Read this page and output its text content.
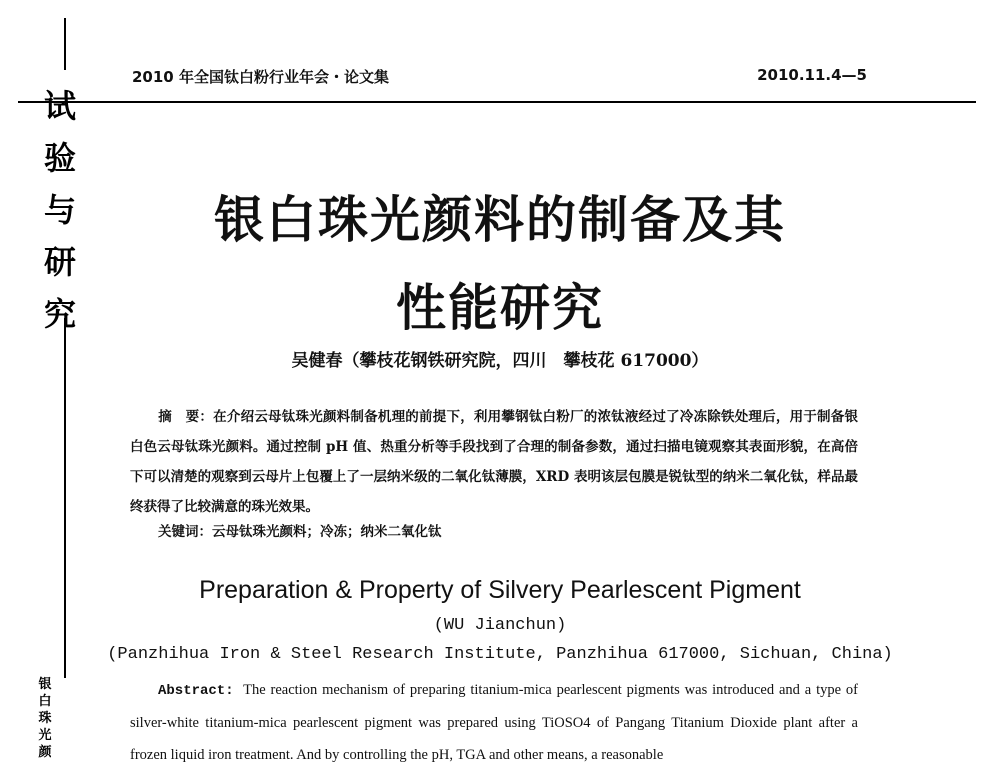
试
验
与
研
究
银
白
珠
光
颜
2010 年全国钛白粉行业年会・论文集	2010.11.4—5
银白珠光颜料的制备及其
性能研究
吴健春（攀枝花钢铁研究院，四川　攀枝花 617000）
摘　要：在介绍云母钛珠光颜料制备机理的前提下，利用攀钢钛白粉厂的浓钛液经过了冷冻除铁处理后，用于制备银白色云母钛珠光颜料。通过控制 pH 值、热重分析等手段找到了合理的制备参数，通过扫描电镜观察其表面形貌，在高倍下可以清楚的观察到云母片上包覆上了一层纳米级的二氧化钛薄膜，XRD 表明该层包膜是锐钛型的纳米二氧化钛，样品最终获得了比较满意的珠光效果。
关键词：云母钛珠光颜料；冷冻；纳米二氧化钛
Preparation & Property of Silvery Pearlescent Pigment
(WU Jianchun)
(Panzhihua Iron & Steel Research Institute, Panzhihua 617000, Sichuan, China)
Abstract: The reaction mechanism of preparing titanium-mica pearlescent pigments was introduced and a type of silver-white titanium-mica pearlescent pigment was prepared using TiOSO4 of Pangang Titanium Dioxide plant after a frozen liquid iron treatment. And by controlling the pH, TGA and other means, a reasonable
